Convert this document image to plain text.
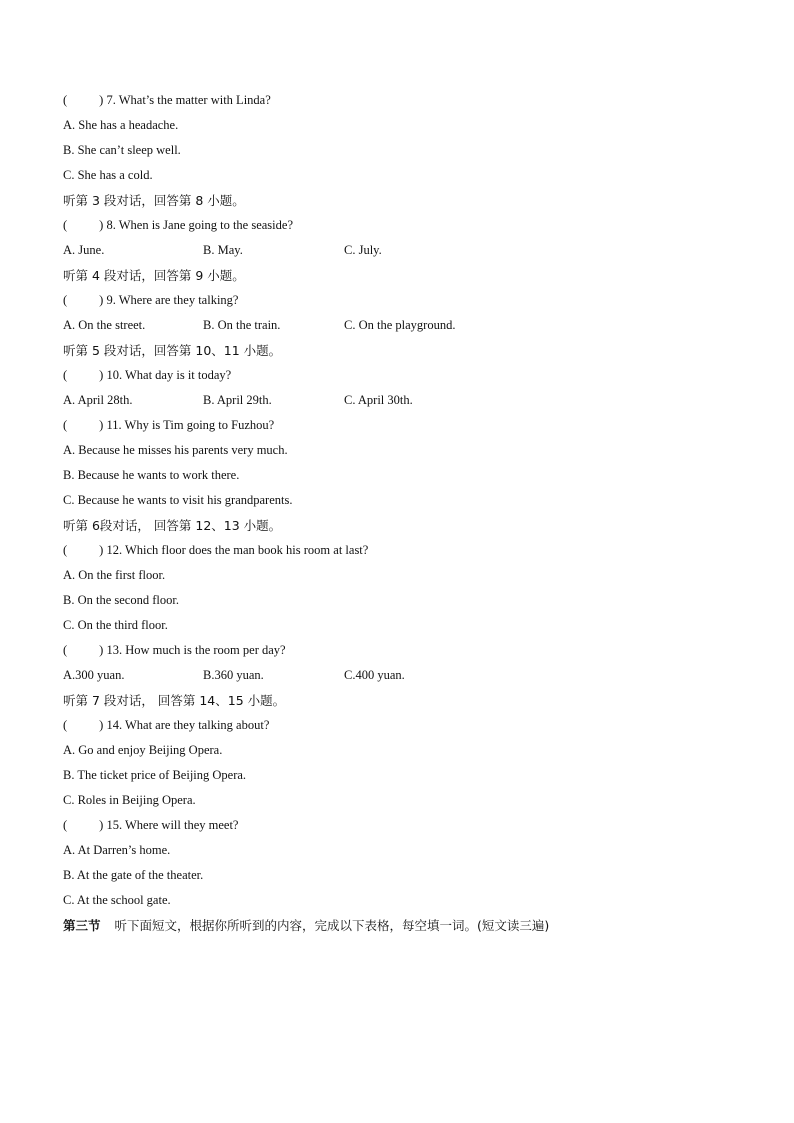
(	) 7. What’s the matter with Linda?
A. She has a headache.
B. She can’t sleep well.
C. She has a cold.
听第 3 段对话，回答第 8 小题。
(	) 8. When is Jane going to the seaside?
A. June.	B. May.	C. July.
听第 4 段对话，回答第 9 小题。
(	) 9. Where are they talking?
A. On the street.	B. On the train.	C. On the playground.
听第 5 段对话，回答第 10、11 小题。
(	) 10. What day is it today?
A. April 28th.	B. April 29th.	C. April 30th.
(	) 11. Why is Tim going to Fuzhou?
A. Because he misses his parents very much.
B. Because he wants to work there.
C. Because he wants to visit his grandparents.
听第 6段对话， 回答第 12、13 小题。
(	) 12. Which floor does the man book his room at last?
A. On the first floor.
B. On the second floor.
C. On the third floor.
(	) 13. How much is the room per day?
A.300 yuan.	B.360 yuan.	C.400 yuan.
听第 7 段对话， 回答第 14、15 小题。
(	) 14. What are they talking about?
A. Go and enjoy Beijing Opera.
B. The ticket price of Beijing Opera.
C. Roles in Beijing Opera.
(	) 15. Where will they meet?
A. At Darren’s home.
B. At the gate of the theater.
C. At the school gate.
第三节 听下面短文，根据你所听到的内容，完成以下表格，每空填一词。(短文读三遍)
